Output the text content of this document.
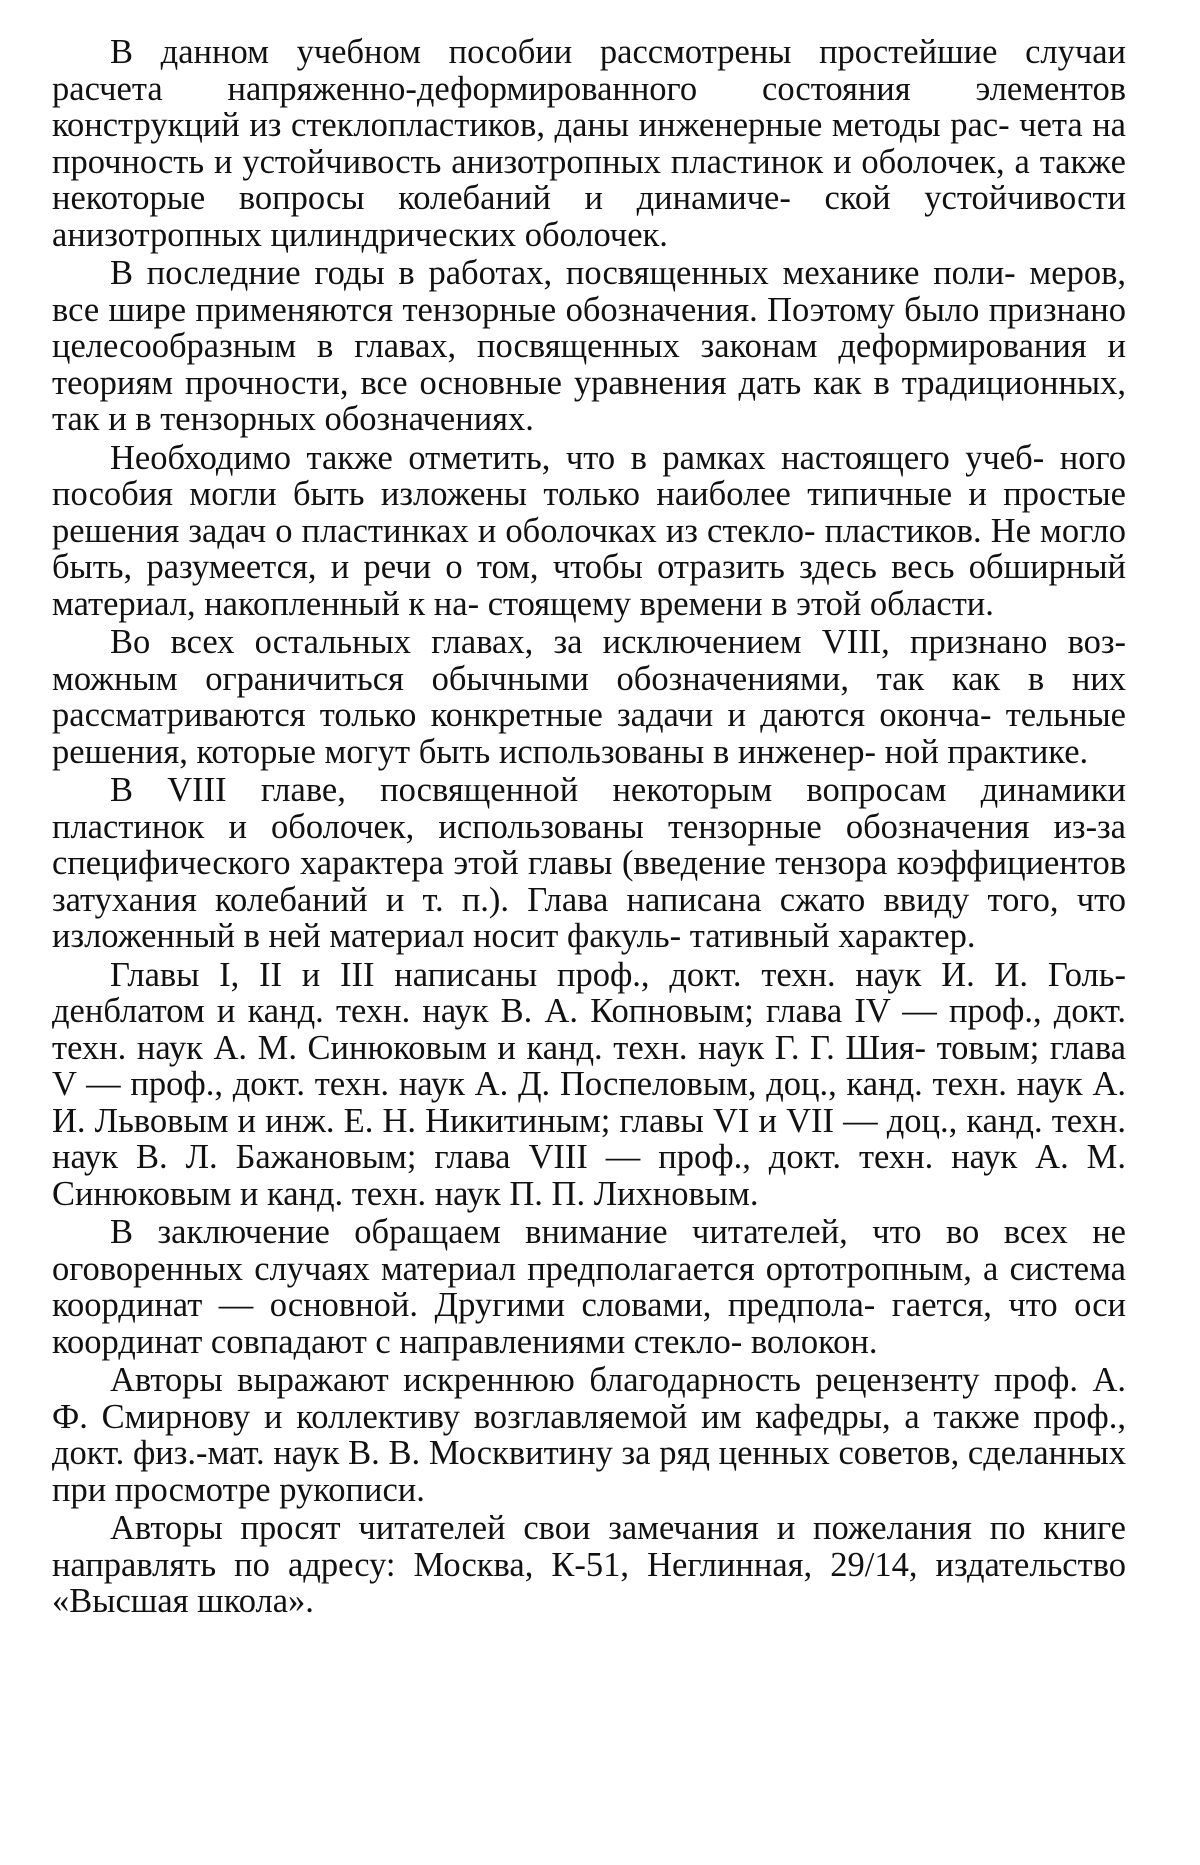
В данном учебном пособии рассмотрены простейшие случаи расчета напряженно-деформированного состояния элементов конструкций из стеклопластиков, даны инженерные методы рас- чета на прочность и устойчивость анизотропных пластинок и оболочек, а также некоторые вопросы колебаний и динамиче- ской устойчивости анизотропных цилиндрических оболочек.

В последние годы в работах, посвященных механике поли- меров, все шире применяются тензорные обозначения. Поэтому было признано целесообразным в главах, посвященных законам деформирования и теориям прочности, все основные уравнения дать как в традиционных, так и в тензорных обозначениях.

Необходимо также отметить, что в рамках настоящего учеб- ного пособия могли быть изложены только наиболее типичные и простые решения задач о пластинках и оболочках из стекло- пластиков. Не могло быть, разумеется, и речи о том, чтобы отразить здесь весь обширный материал, накопленный к на- стоящему времени в этой области.

Во всех остальных главах, за исключением VIII, признано воз- можным ограничиться обычными обозначениями, так как в них рассматриваются только конкретные задачи и даются оконча- тельные решения, которые могут быть использованы в инженер- ной практике.

В VIII главе, посвященной некоторым вопросам динамики пластинок и оболочек, использованы тензорные обозначения из-за специфического характера этой главы (введение тензора коэффициентов затухания колебаний и т. п.). Глава написана сжато ввиду того, что изложенный в ней материал носит факуль- тативный характер.

Главы I, II и III написаны проф., докт. техн. наук И. И. Голь- денблатом и канд. техн. наук В. А. Копновым; глава IV — проф., докт. техн. наук А. М. Синюковым и канд. техн. наук Г. Г. Шия- товым; глава V — проф., докт. техн. наук А. Д. Поспеловым, доц., канд. техн. наук А. И. Львовым и инж. Е. Н. Никитиным; главы VI и VII — доц., канд. техн. наук В. Л. Бажановым; глава VIII — проф., докт. техн. наук А. М. Синюковым и канд. техн. наук П. П. Лихновым.

В заключение обращаем внимание читателей, что во всех не оговоренных случаях материал предполагается ортотропным, а система координат — основной. Другими словами, предпола- гается, что оси координат совпадают с направлениями стекло- волокон.

Авторы выражают искреннюю благодарность рецензенту проф. А. Ф. Смирнову и коллективу возглавляемой им кафедры, а также проф., докт. физ.-мат. наук В. В. Москвитину за ряд ценных советов, сделанных при просмотре рукописи.

Авторы просят читателей свои замечания и пожелания по книге направлять по адресу: Москва, К-51, Неглинная, 29/14, издательство «Высшая школа».
